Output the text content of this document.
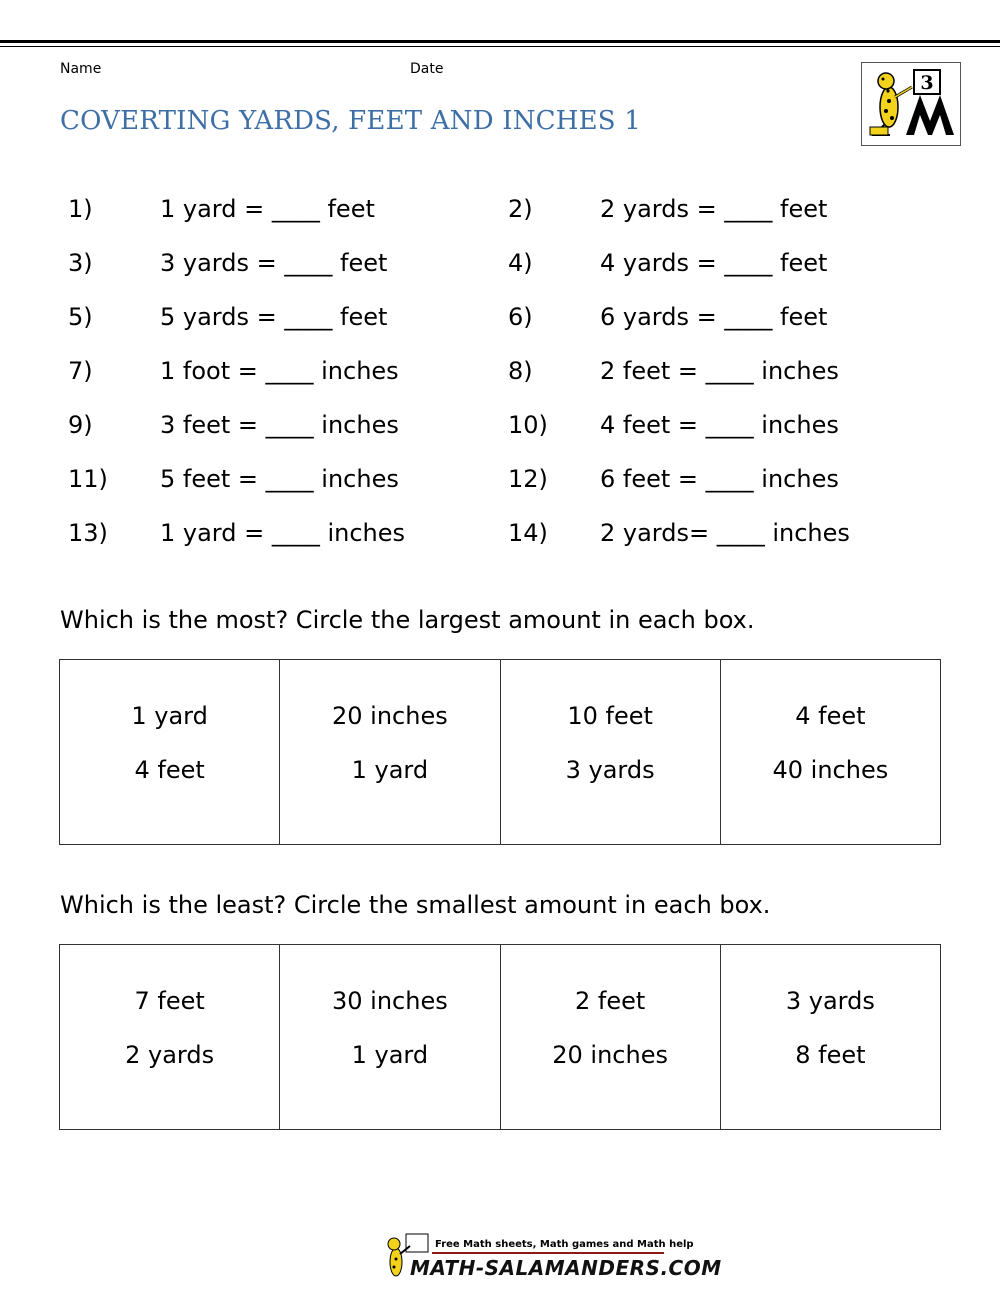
Name	Date
COVERTING YARDS, FEET AND INCHES 1
3
1)	1 yard = ____ feet	2)	2 yards = ____ feet
3)	3 yards = ____ feet	4)	4 yards = ____ feet
5)	5 yards = ____ feet	6)	6 yards = ____ feet
7)	1 foot = ____ inches	8)	2 feet = ____ inches
9)	3 feet = ____ inches	10) 4 feet = ____ inches
11) 5 feet = ____ inches	12) 6 feet = ____ inches
13) 1 yard = ____ inches	14) 2 yards= ____ inches
Which is the most? Circle the largest amount in each box.
1 yard
4 feet
20 inches
1 yard
10 feet
3 yards
4 feet
40 inches
Which is the least? Circle the smallest amount in each box.
7 feet
2 yards
30 inches
1 yard
2 feet
20 inches
3 yards
8 feet
Free Math sheets, Math games and Math help
MATH-SALAMANDERS.COM
